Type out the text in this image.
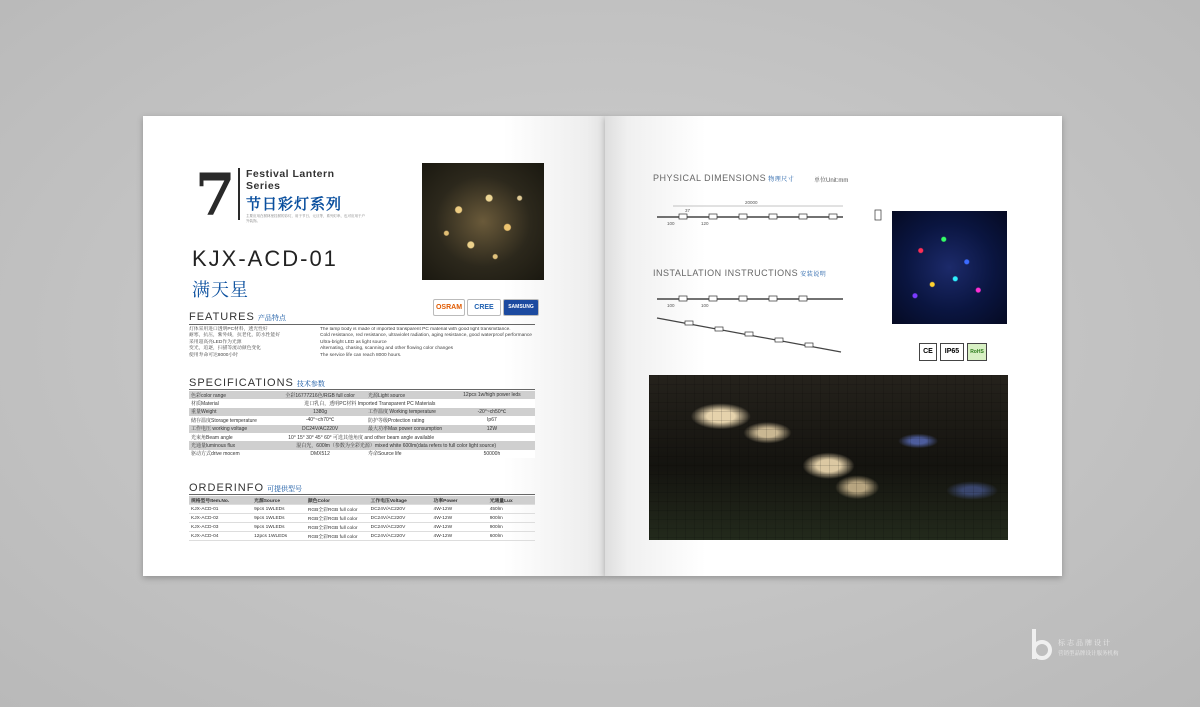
7 Festival Lantern Series
节日彩灯系列
主要应用在树林里挂树的彩灯，用于节日、元旦等，系列灯串，也可应用于户外装饰。
KJX-ACD-01
满天星
OSRAM	CREE	SAMSUNG
FEATURES 产品特点
灯体采用进口透明PC材料，透光性好
耐寒，抗压，紫外线，抗老化，防水性能好
采用超高亮LED作为光源
变光，追逐，扫描等流动颜色变化
使用寿命可达8000小时
The lamp body is made of imported transparent PC material with good light transmittance.
Cold resistance, red resistance, ultraviolet radiation, aging resistance, good waterproof performance
Ultra-bright LED as light source
Alternating, chasing, scanning and other flowing color changes
The service life can reach 8000 hours.
SPECIFICATIONS 技术参数
色彩color range	全彩16777216色/RGB full color	光源Light source	12pcs 1w/high power leds
材质Material	进口乳白，透明PC材料 Imported Transparent PC Materials		
重量Weight	1380g	工作温度 Working temperature	-20°~ch50℃
储存温度Storage temperature	-40°~ch70℃	防护等级Protection rating	Ip67
工作电压 working voltage	DC24V/AC220V	最大功率Max power consumption	12W
光束角Beam angle	10° 15° 30° 45° 60° 可选其他角度 and other beam angle available		
光通量luminous flux	混白光，600lm（参数为全彩光源）mixed white 600lm(data refers to full color light source)		
驱动方式drive mocem	DMX512	寿命Source life	50000h
ORDERINFO 可提供型号
规格型号Item.No.	光源Source	颜色Color	工作电压Voltage	功率Power	光通量Lux
KJX-ACD-01	9pcs 1WLEDs	RGB全彩RGB full color	DC24V/AC220V	4W-12W	450lm
KJX-ACD-02	9pcs 1WLEDs	RGB全彩RGB full color	DC24V/AC220V	4W-12W	900lm
KJX-ACD-03	9pcs 1WLEDs	RGB全彩RGB full color	DC24V/AC220V	4W-12W	900lm
KJX-ACD-04	12pcs 1WLEDs	RGB全彩RGB full color	DC24V/AC220V	4W-12W	600lm
PHYSICAL DIMENSIONS 物理尺寸	单位Unit:mm
20000
37
100	120
INSTALLATION INSTRUCTIONS 安装说明
100	100
CE	IP65	RoHS
标志品牌设计
营销型品牌设计服务机构
